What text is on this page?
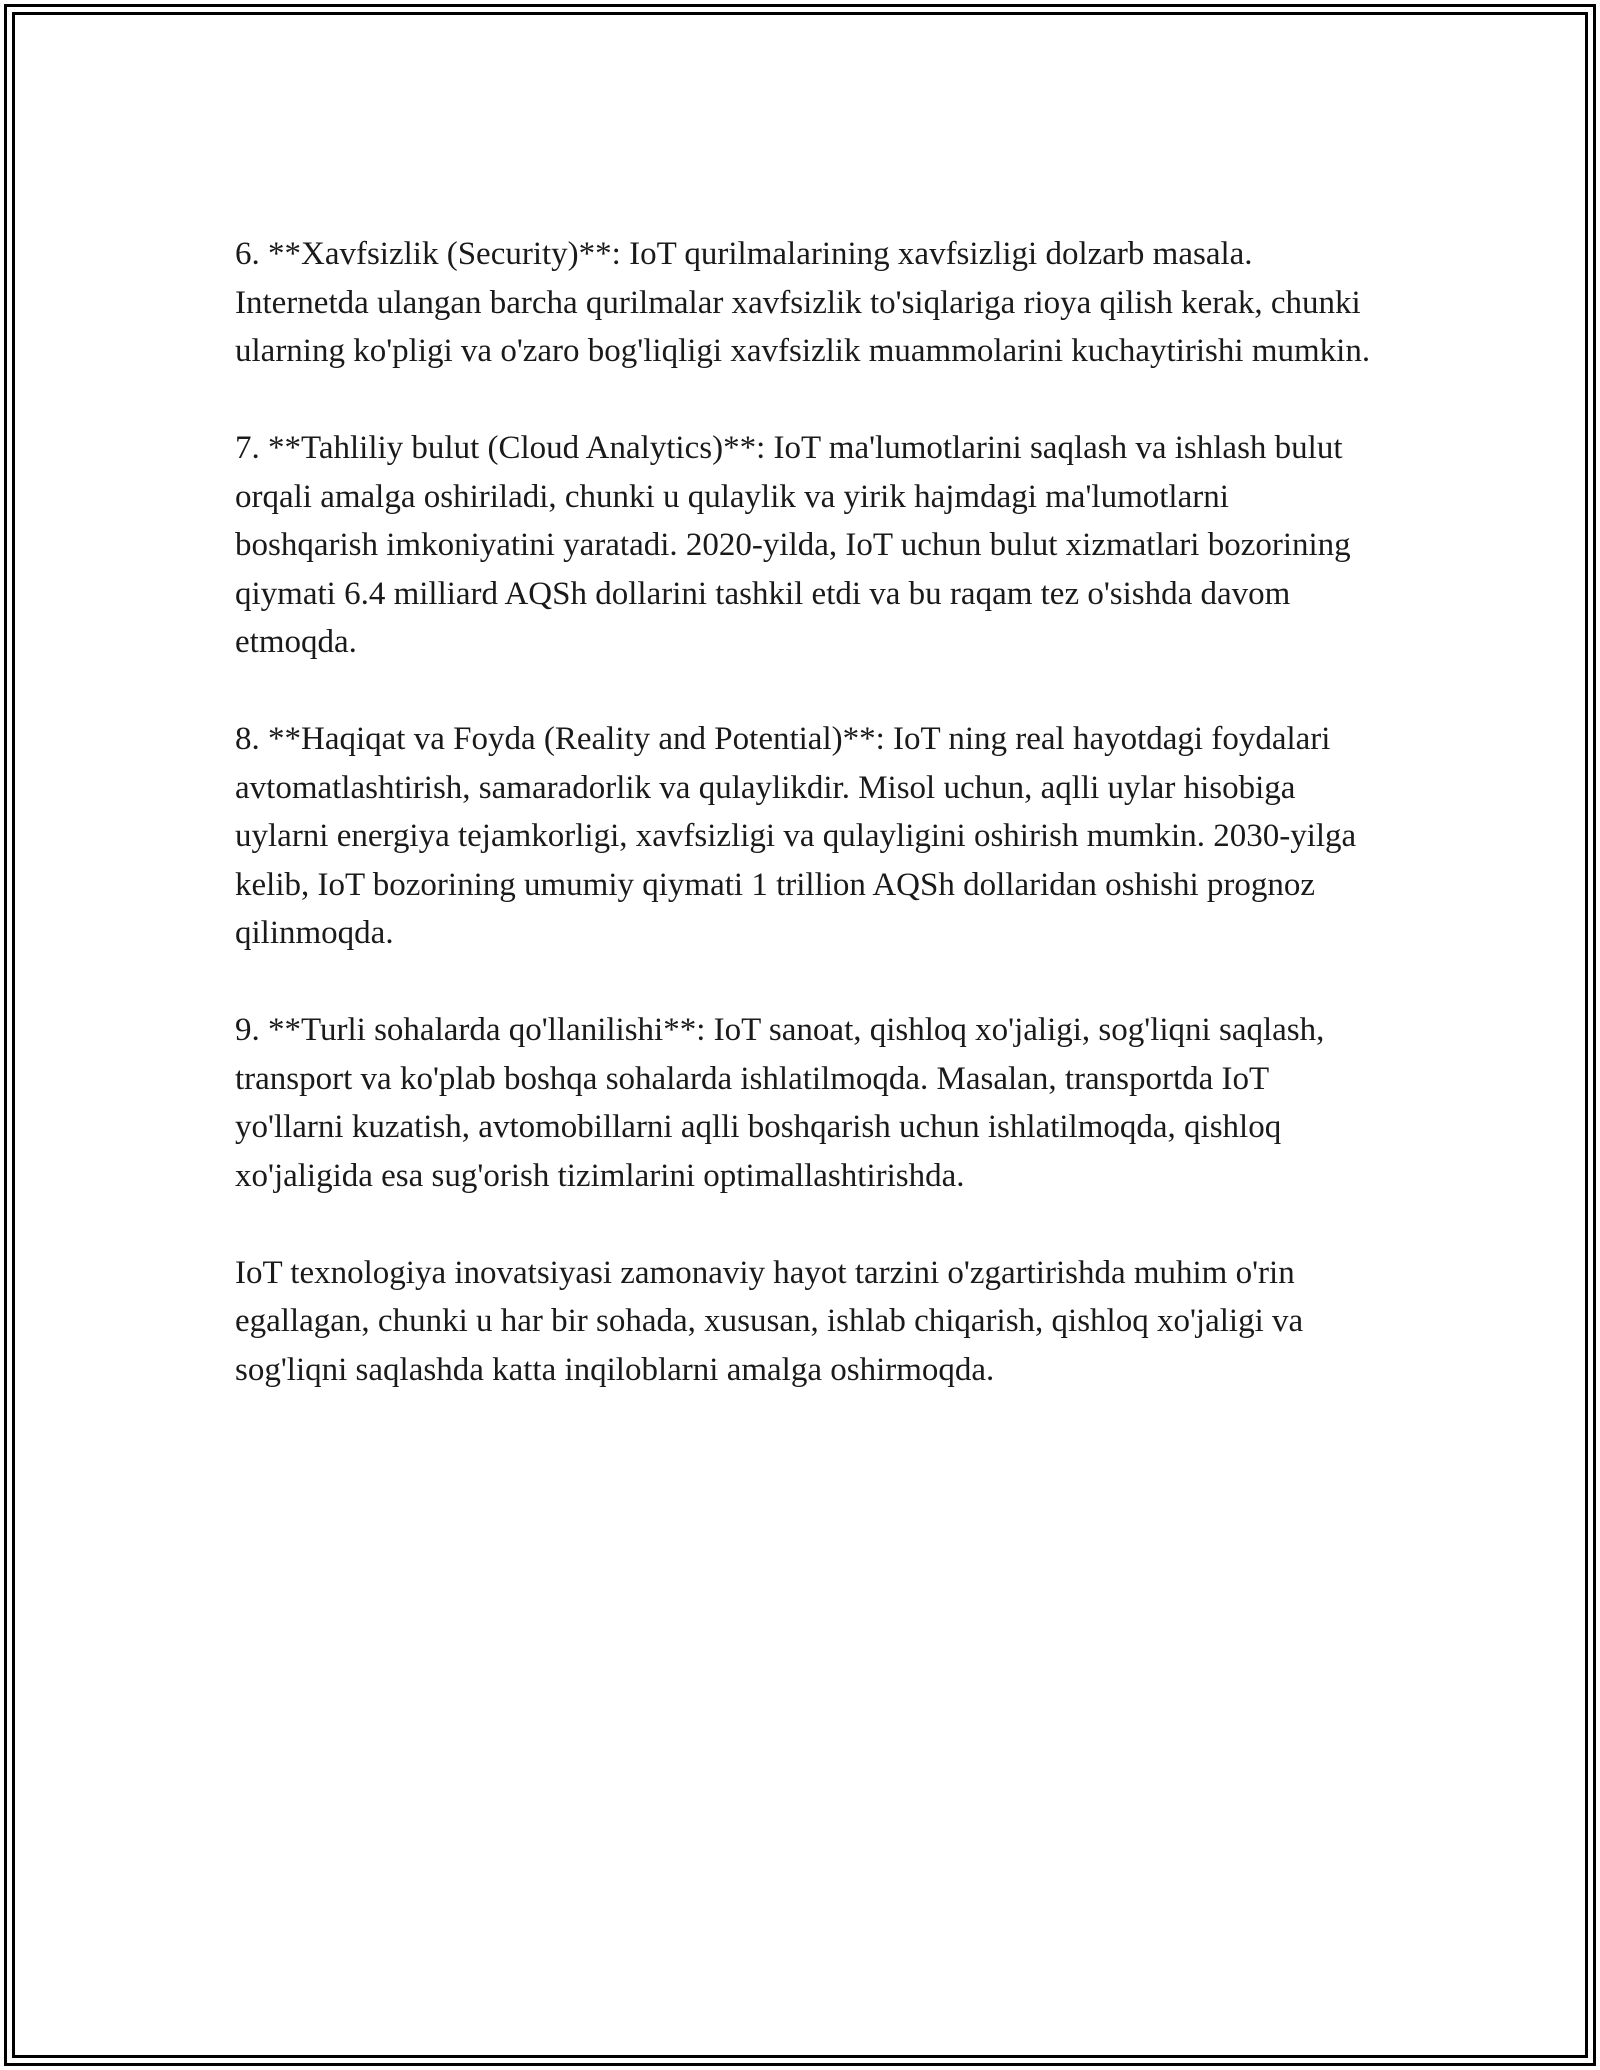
6. **Xavfsizlik (Security)**: IoT qurilmalarining xavfsizligi dolzarb masala. Internetda ulangan barcha qurilmalar xavfsizlik to'siqlariga rioya qilish kerak, chunki ularning ko'pligi va o'zaro bog'liqligi xavfsizlik muammolarini kuchaytirishi mumkin.

7. **Tahliliy bulut (Cloud Analytics)**: IoT ma'lumotlarini saqlash va ishlash bulut orqali amalga oshiriladi, chunki u qulaylik va yirik hajmdagi ma'lumotlarni boshqarish imkoniyatini yaratadi. 2020-yilda, IoT uchun bulut xizmatlari bozorining qiymati 6.4 milliard AQSh dollarini tashkil etdi va bu raqam tez o'sishda davom etmoqda.

8. **Haqiqat va Foyda (Reality and Potential)**: IoT ning real hayotdagi foydalari avtomatlashtirish, samaradorlik va qulaylikdir. Misol uchun, aqlli uylar hisobiga uylarni energiya tejamkorligi, xavfsizligi va qulayligini oshirish mumkin. 2030-yilga kelib, IoT bozorining umumiy qiymati 1 trillion AQSh dollaridan oshishi prognoz qilinmoqda.

9. **Turli sohalarda qo'llanilishi**: IoT sanoat, qishloq xo'jaligi, sog'liqni saqlash, transport va ko'plab boshqa sohalarda ishlatilmoqda. Masalan, transportda IoT yo'llarni kuzatish, avtomobillarni aqlli boshqarish uchun ishlatilmoqda, qishloq xo'jaligida esa sug'orish tizimlarini optimallashtirishda.

IoT texnologiya inovatsiyasi zamonaviy hayot tarzini o'zgartirishda muhim o'rin egallagan, chunki u har bir sohada, xususan, ishlab chiqarish, qishloq xo'jaligi va sog'liqni saqlashda katta inqiloblarni amalga oshirmoqda.
